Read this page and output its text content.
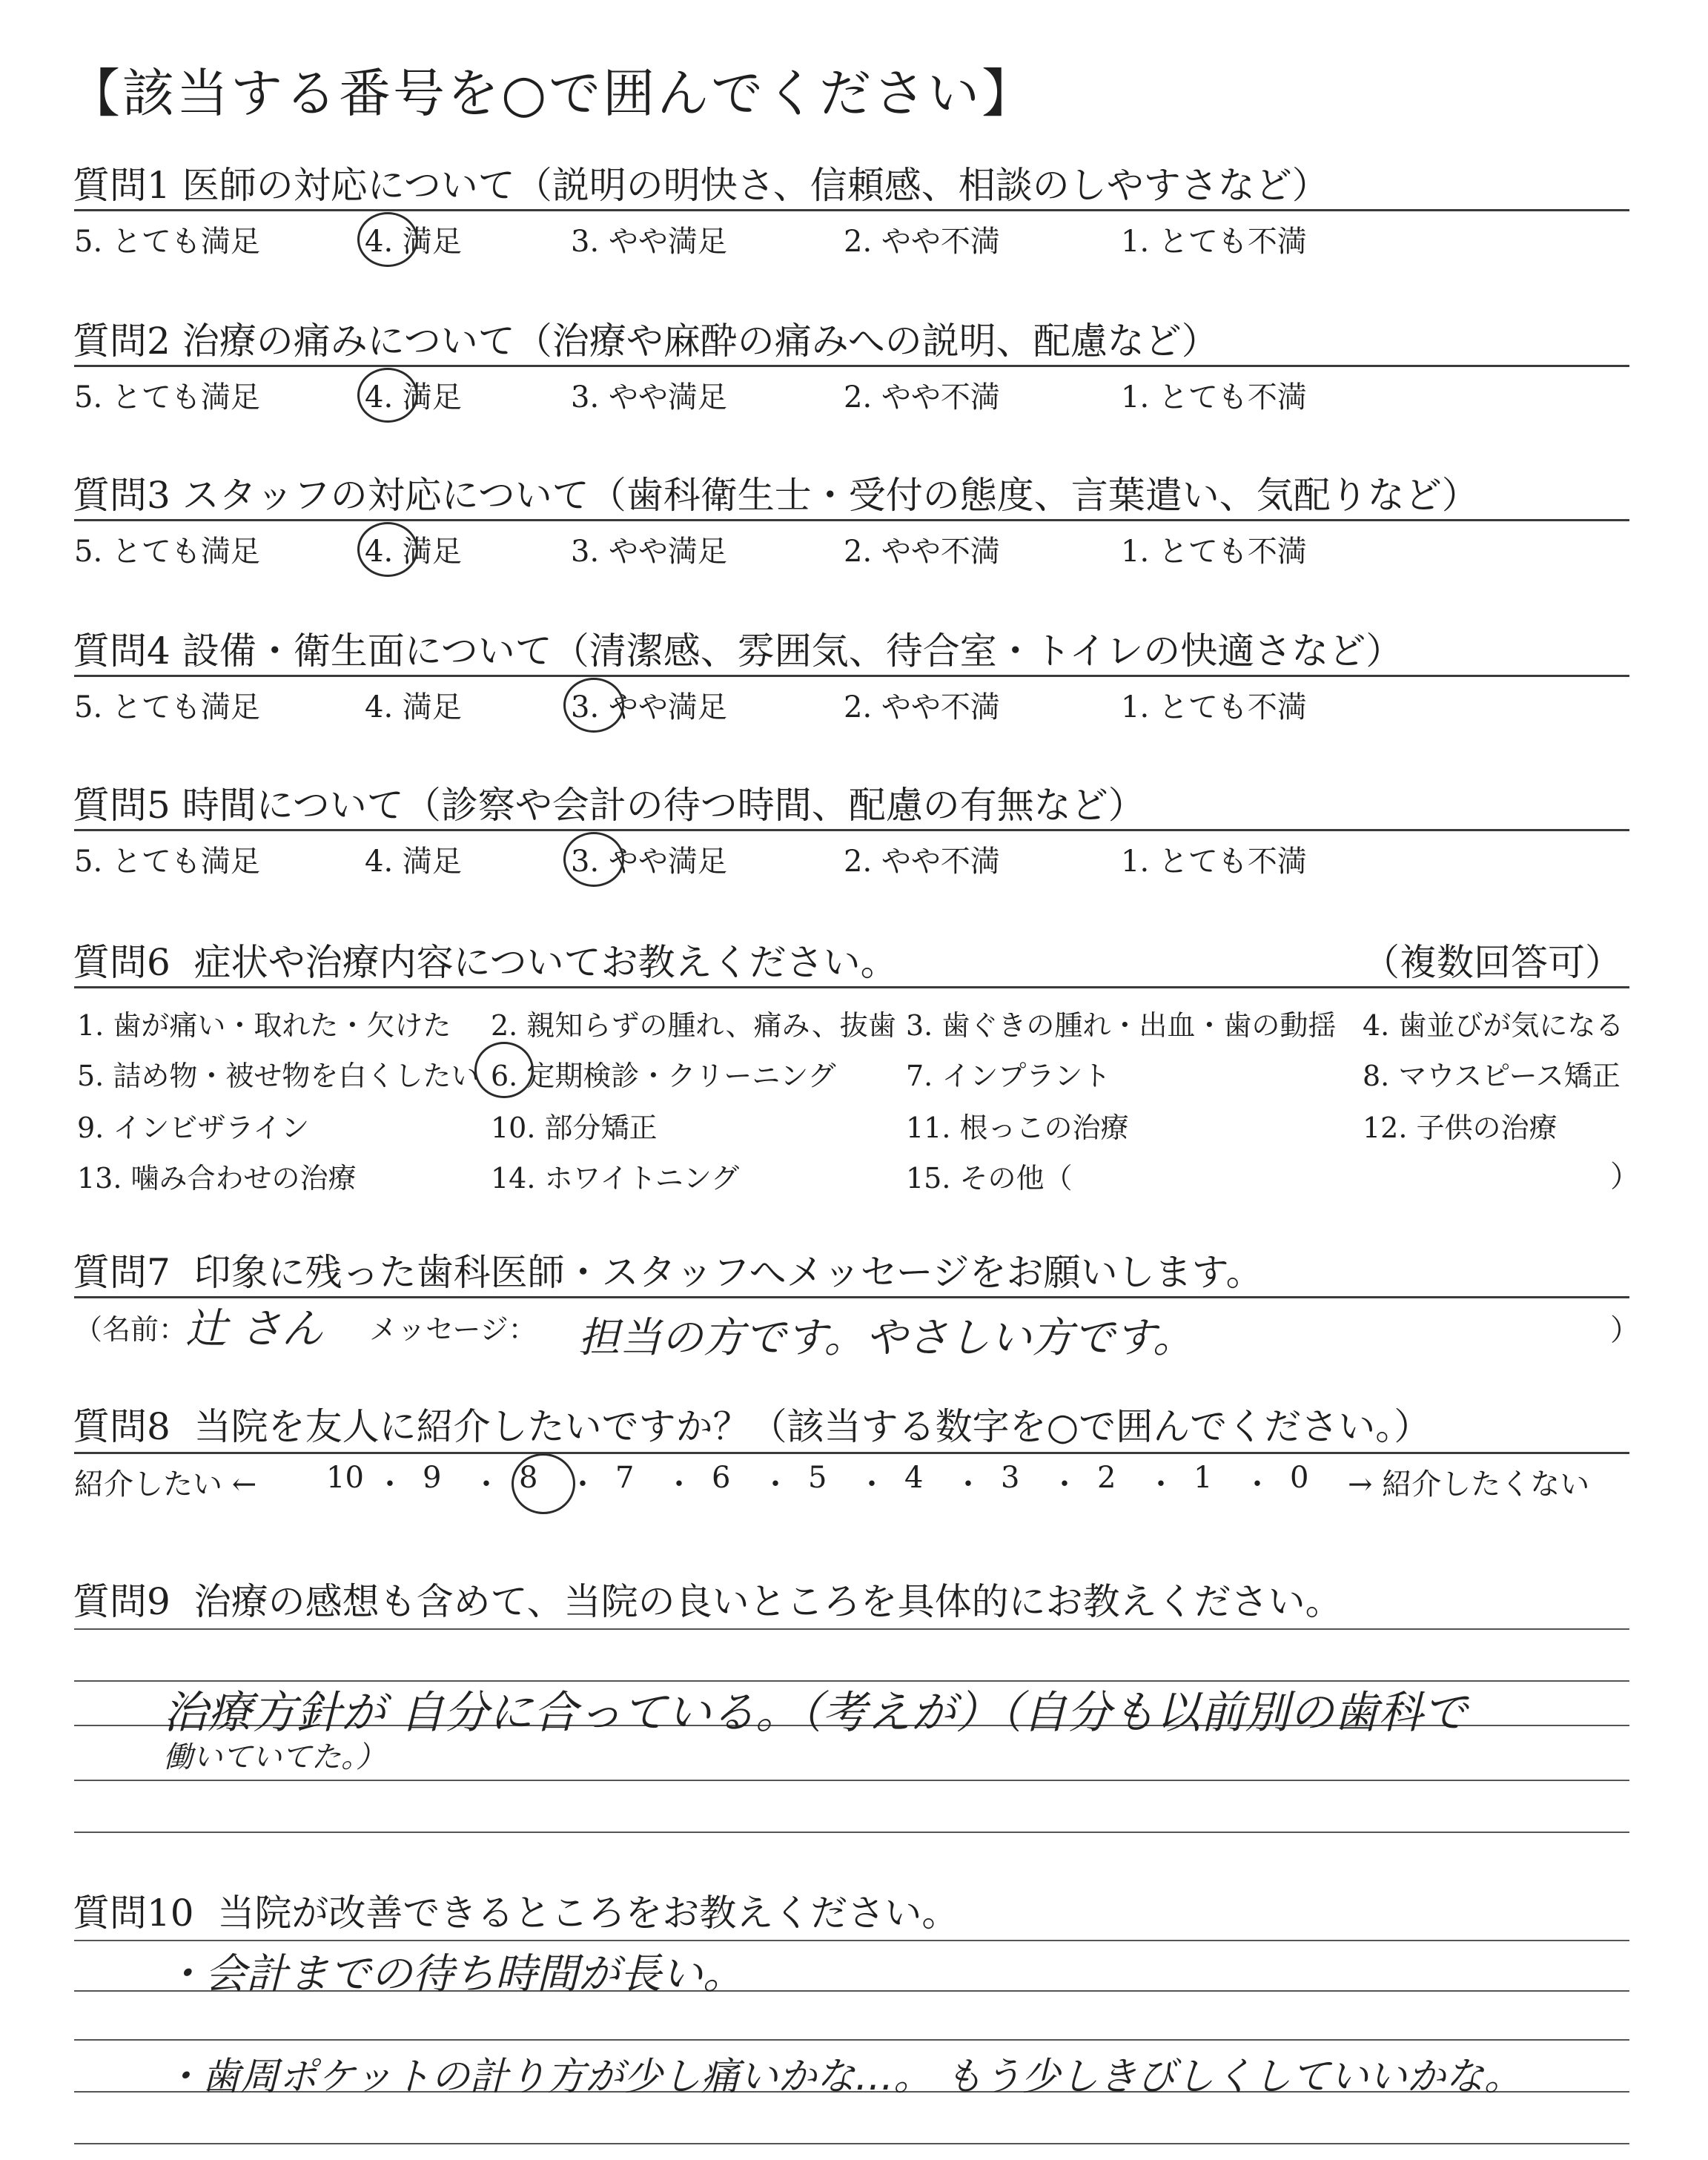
【該当する番号を○で囲んでください】
質問1 医師の対応について（説明の明快さ、信頼感、相談のしやすさなど）
5. とても満足	4. 満足	3. やや満足	2. やや不満	1. とても不満
質問2 治療の痛みについて（治療や麻酔の痛みへの説明、配慮など）
5. とても満足	4. 満足	3. やや満足	2. やや不満	1. とても不満
質問3 スタッフの対応について（歯科衛生士・受付の態度、言葉遣い、気配りなど）
5. とても満足	4. 満足	3. やや満足	2. やや不満	1. とても不満
質問4 設備・衛生面について（清潔感、雰囲気、待合室・トイレの快適さなど）
5. とても満足	4. 満足	3. やや満足	2. やや不満	1. とても不満
質問5 時間について（診察や会計の待つ時間、配慮の有無など）
5. とても満足	4. 満足	3. やや満足	2. やや不満	1. とても不満
質問6 症状や治療内容についてお教えください。	（複数回答可）
1. 歯が痛い・取れた・欠けた 2. 親知らずの腫れ、痛み、抜歯 3. 歯ぐきの腫れ・出血・歯の動揺 4. 歯並びが気になる
5. 詰め物・被せ物を白くしたい 6. 定期検診・クリーニング 7. インプラント	8. マウスピース矯正
9. インビザライン	10. 部分矯正	11. 根っこの治療	12. 子供の治療
13. 噛み合わせの治療	14. ホワイトニング	15. その他（	）
質問7 印象に残った歯科医師・スタッフへメッセージをお願いします。
（名前：
辻 さん メッセージ： 担当の方です。やさしい方です。	）
質問8 当院を友人に紹介したいですか？（該当する数字を○で囲んでください。）
紹介したい ← 10 ・ 9 ・ 8 ・ 7 ・ 6 ・ 5 ・ 4 ・ 3 ・ 2 ・ 1 ・ 0 → 紹介したくない
質問9 治療の感想も含めて、当院の良いところを具体的にお教えください。
治療方針が 自分に合っている。（考えが）（自分も以前別の歯科で
働いていてた。）
質問10 当院が改善できるところをお教えください。
・会計までの待ち時間が長い。
・歯周ポケットの計り方が少し痛いかな…。 もう少しきびしくしていいかな。
